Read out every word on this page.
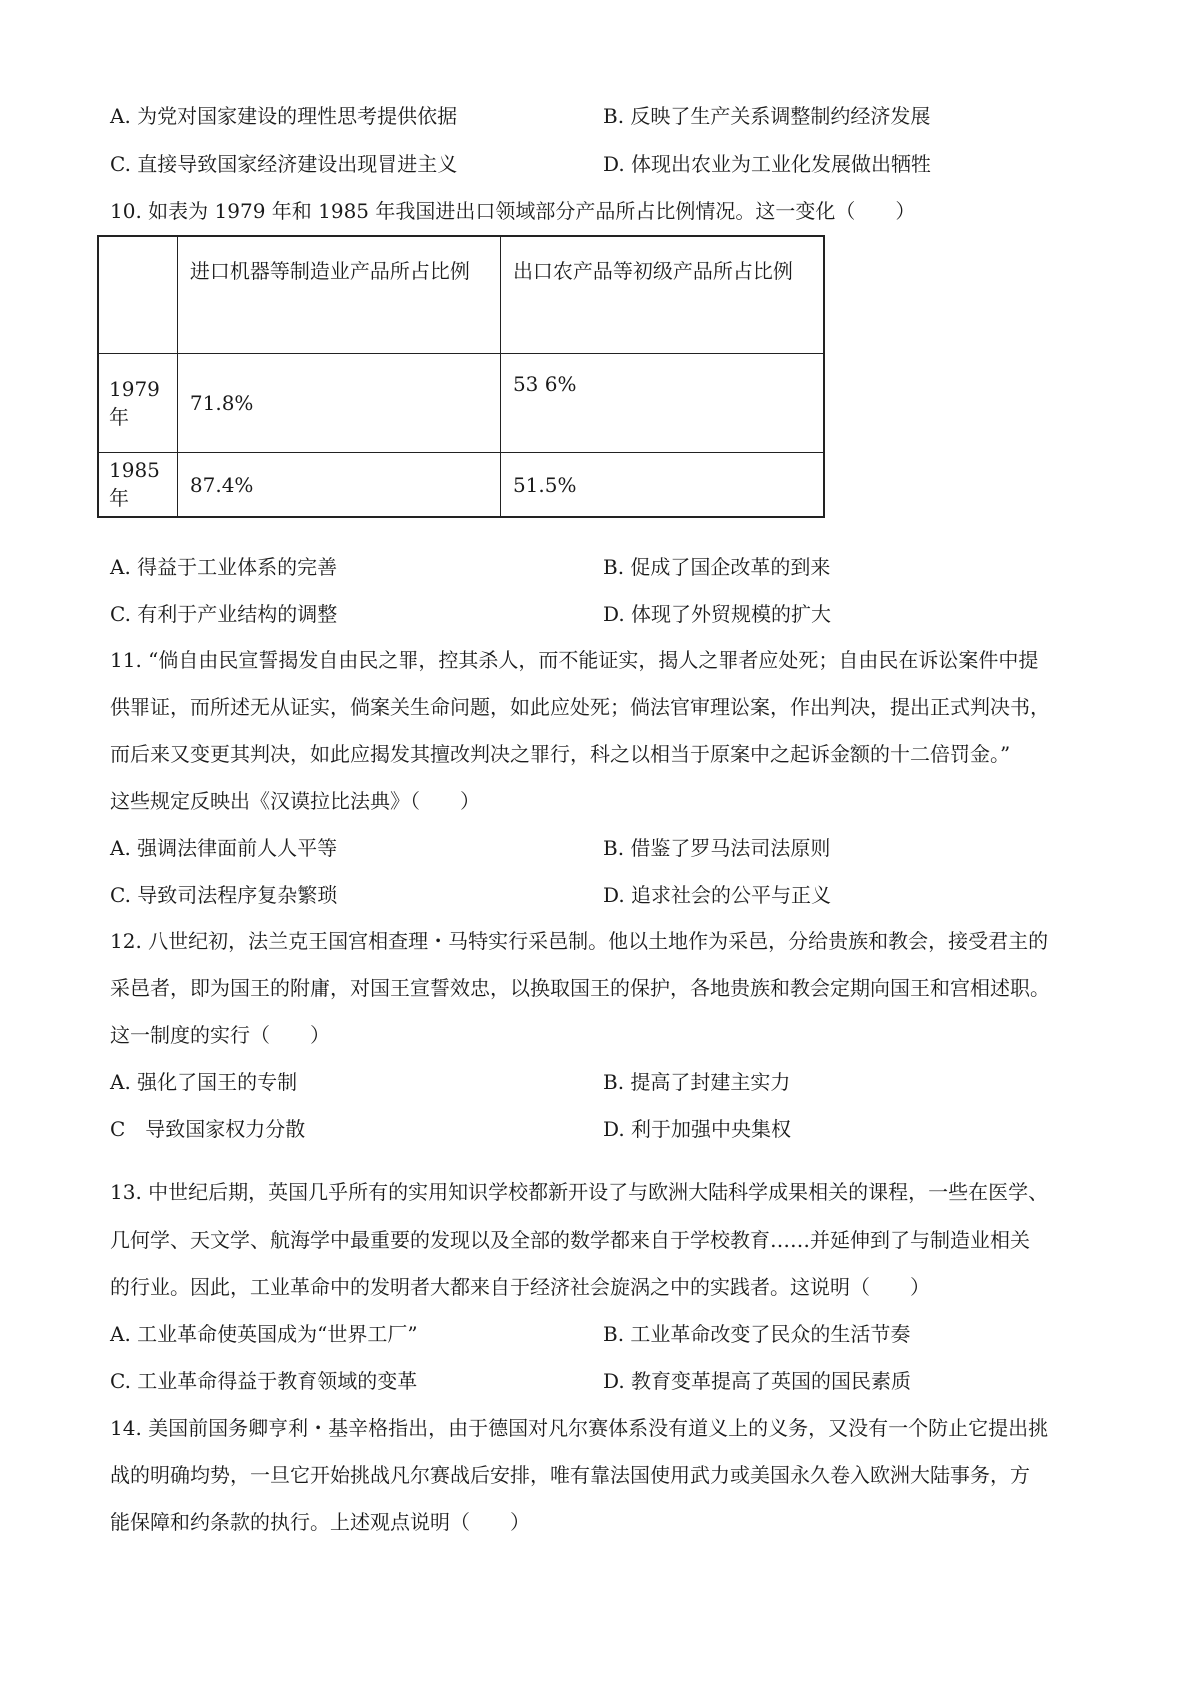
A. 为党对国家建设的理性思考提供依据	B. 反映了生产关系调整制约经济发展
C. 直接导致国家经济建设出现冒进主义	D. 体现出农业为工业化发展做出牺牲
10. 如表为 1979 年和 1985 年我国进出口领域部分产品所占比例情况。这一变化（　　）
	进口机器等制造业产品所占比例	出口农产品等初级产品所占比例
1979 年	71.8%	53 6%
1985 年	87.4%	51.5%
A. 得益于工业体系的完善	B. 促成了国企改革的到来
C. 有利于产业结构的调整	D. 体现了外贸规模的扩大
11. “倘自由民宣誓揭发自由民之罪，控其杀人，而不能证实，揭人之罪者应处死；自由民在诉讼案件中提
供罪证，而所述无从证实，倘案关生命问题，如此应处死；倘法官审理讼案，作出判决，提出正式判决书，
而后来又变更其判决，如此应揭发其擅改判决之罪行，科之以相当于原案中之起诉金额的十二倍罚金。”
这些规定反映出《汉谟拉比法典》（　　）
A. 强调法律面前人人平等	B. 借鉴了罗马法司法原则
C. 导致司法程序复杂繁琐	D. 追求社会的公平与正义
12. 八世纪初，法兰克王国宫相查理・马特实行采邑制。他以土地作为采邑，分给贵族和教会，接受君主的
采邑者，即为国王的附庸，对国王宣誓效忠，以换取国王的保护，各地贵族和教会定期向国王和宫相述职。
这一制度的实行（　　）
A. 强化了国王的专制	B. 提高了封建主实力
C　导致国家权力分散	D. 利于加强中央集权
13. 中世纪后期，英国几乎所有的实用知识学校都新开设了与欧洲大陆科学成果相关的课程，一些在医学、
几何学、天文学、航海学中最重要的发现以及全部的数学都来自于学校教育……并延伸到了与制造业相关
的行业。因此，工业革命中的发明者大都来自于经济社会旋涡之中的实践者。这说明（　　）
A. 工业革命使英国成为“世界工厂”	B. 工业革命改变了民众的生活节奏
C. 工业革命得益于教育领域的变革	D. 教育变革提高了英国的国民素质
14. 美国前国务卿亨利・基辛格指出，由于德国对凡尔赛体系没有道义上的义务，又没有一个防止它提出挑
战的明确均势，一旦它开始挑战凡尔赛战后安排，唯有靠法国使用武力或美国永久卷入欧洲大陆事务，方
能保障和约条款的执行。上述观点说明（　　）
